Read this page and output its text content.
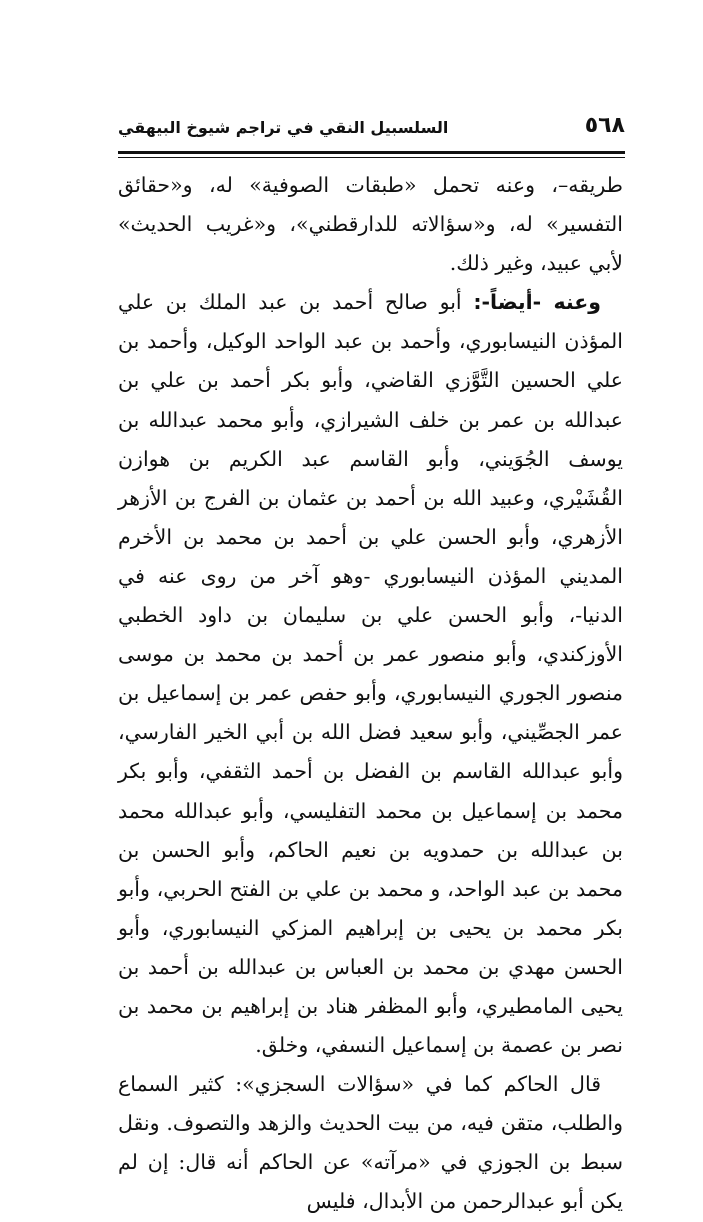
٥٦٨
السلسبيل النقي في تراجم شيوخ البيهقي

طريقه–، وعنه تحمل «طبقات الصوفية» له، و«حقائق التفسير» له، و«سؤالاته للدارقطني»، و«غريب الحديث» لأبي عبيد، وغير ذلك.

وعنه -أيضاً-: أبو صالح أحمد بن عبد الملك بن علي المؤذن النيسابوري، وأحمد بن عبد الواحد الوكيل، وأحمد بن علي الحسين التَّوَّزي القاضي، وأبو بكر أحمد بن علي بن عبدالله بن عمر بن خلف الشيرازي، وأبو محمد عبدالله بن يوسف الجُوَيني، وأبو القاسم عبد الكريم بن هوازن القُشَيْري، وعبيد الله بن أحمد بن عثمان بن الفرج بن الأزهر الأزهري، وأبو الحسن علي بن أحمد بن محمد بن الأخرم المديني المؤذن النيسابوري -وهو آخر من روى عنه في الدنيا-، وأبو الحسن علي بن سليمان بن داود الخطبي الأوزكندي، وأبو منصور عمر بن أحمد بن محمد بن موسى منصور الجوري النيسابوري، وأبو حفص عمر بن إسماعيل بن عمر الجصِّيني، وأبو سعيد فضل الله بن أبي الخير الفارسي، وأبو عبدالله القاسم بن الفضل بن أحمد الثقفي، وأبو بكر محمد بن إسماعيل بن محمد التفليسي، وأبو عبدالله محمد بن عبدالله بن حمدويه بن نعيم الحاكم، وأبو الحسن بن محمد بن عبد الواحد، و محمد بن علي بن الفتح الحربي، وأبو بكر محمد بن يحيى بن إبراهيم المزكي النيسابوري، وأبو الحسن مهدي بن محمد بن العباس بن عبدالله بن أحمد بن يحيى المامطيري، وأبو المظفر هناد بن إبراهيم بن محمد بن نصر بن عصمة بن إسماعيل النسفي، وخلق.

قال الحاكم كما في «سؤالات السجزي»: كثير السماع والطلب، متقن فيه، من بيت الحديث والزهد والتصوف. ونقل سبط بن الجوزي في «مرآته» عن الحاكم أنه قال: إن لم يكن أبو عبدالرحمن من الأبدال، فليس
